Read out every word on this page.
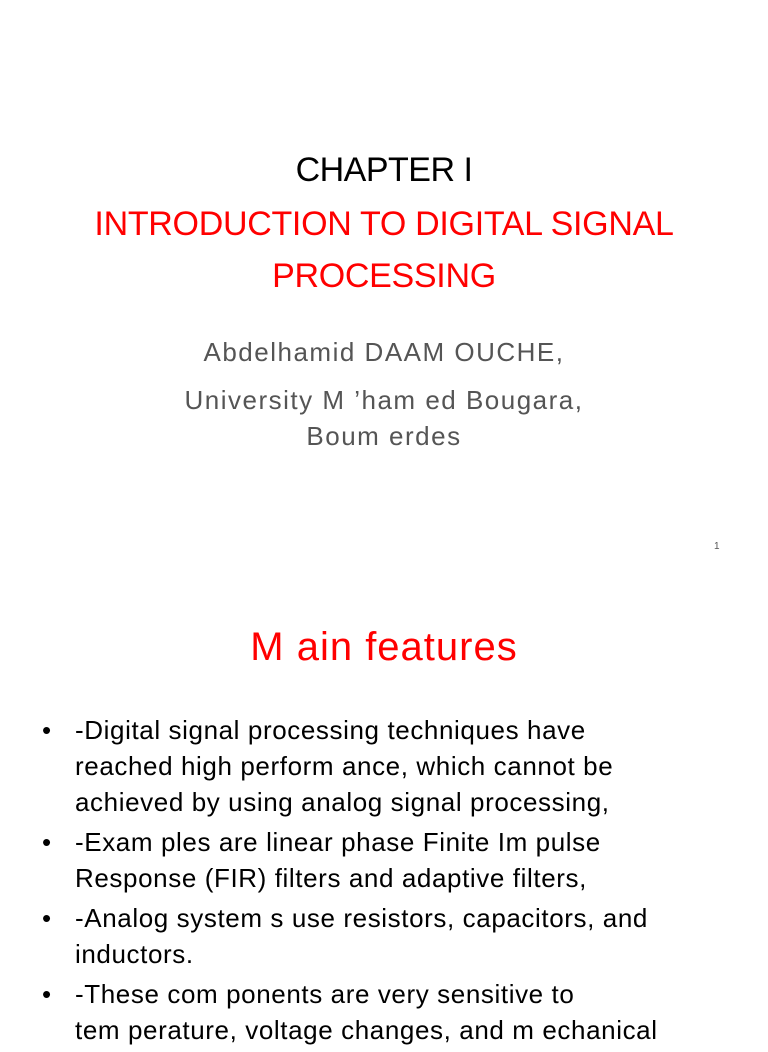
CHAPTER I
INTRODUCTION TO DIGITAL SIGNAL
PROCESSING
Abdelhamid DAAM OUCHE,
University M ’ham ed Bougara,
Boum erdes
1
M ain features
• -Digital signal processing techniques have
reached high perform ance, which cannot be
achieved by using analog signal processing,
• -Exam ples are linear phase Finite Im pulse
Response (FIR) filters and adaptive filters,
• -Analog system s use resistors, capacitors, and
inductors.
• -These com ponents are very sensitive to
tem perature, voltage changes, and m echanical
